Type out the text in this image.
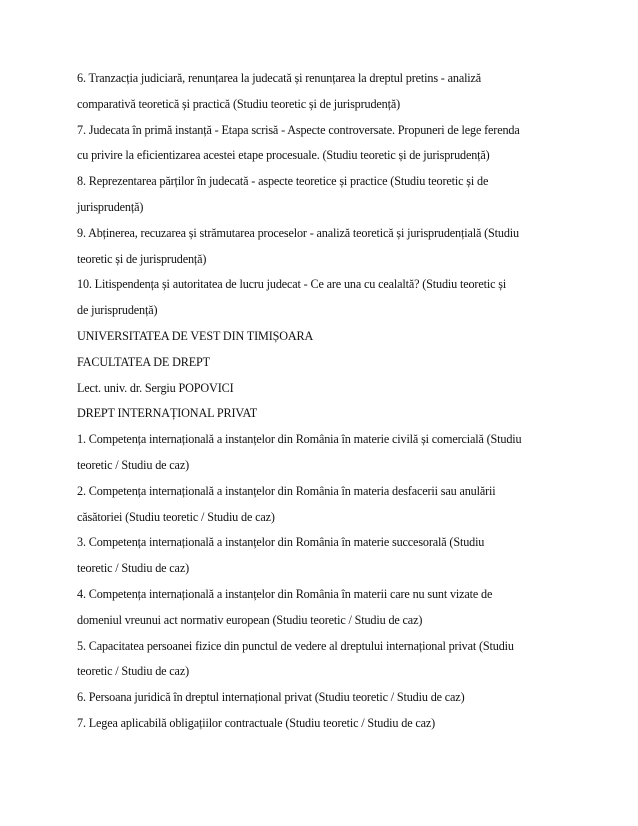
6. Tranzacția judiciară, renunțarea la judecată și renunțarea la dreptul pretins - analiză
comparativă teoretică și practică (Studiu teoretic și de jurisprudență)
7. Judecata în primă instanță - Etapa scrisă - Aspecte controversate. Propuneri de lege ferenda
cu privire la eficientizarea acestei etape procesuale. (Studiu teoretic și de jurisprudență)
8. Reprezentarea părților în judecată - aspecte teoretice și practice (Studiu teoretic și de
jurisprudență)
9. Abținerea, recuzarea și strămutarea proceselor - analiză teoretică și jurisprudențială (Studiu
teoretic și de jurisprudență)
10. Litispendența și autoritatea de lucru judecat - Ce are una cu cealaltă? (Studiu teoretic și
de jurisprudență)
UNIVERSITATEA DE VEST DIN TIMIȘOARA
FACULTATEA DE DREPT
Lect. univ. dr. Sergiu POPOVICI
DREPT INTERNAȚIONAL PRIVAT
1. Competența internațională a instanțelor din România în materie civilă și comercială (Studiu
teoretic / Studiu de caz)
2. Competența internațională a instanțelor din România în materia desfacerii sau anulării
căsătoriei (Studiu teoretic / Studiu de caz)
3. Competența internațională a instanțelor din România în materie succesorală (Studiu
teoretic / Studiu de caz)
4. Competența internațională a instanțelor din România în materii care nu sunt vizate de
domeniul vreunui act normativ european (Studiu teoretic / Studiu de caz)
5. Capacitatea persoanei fizice din punctul de vedere al dreptului internațional privat (Studiu
teoretic / Studiu de caz)
6. Persoana juridică în dreptul internațional privat (Studiu teoretic / Studiu de caz)
7. Legea aplicabilă obligațiilor contractuale (Studiu teoretic / Studiu de caz)
